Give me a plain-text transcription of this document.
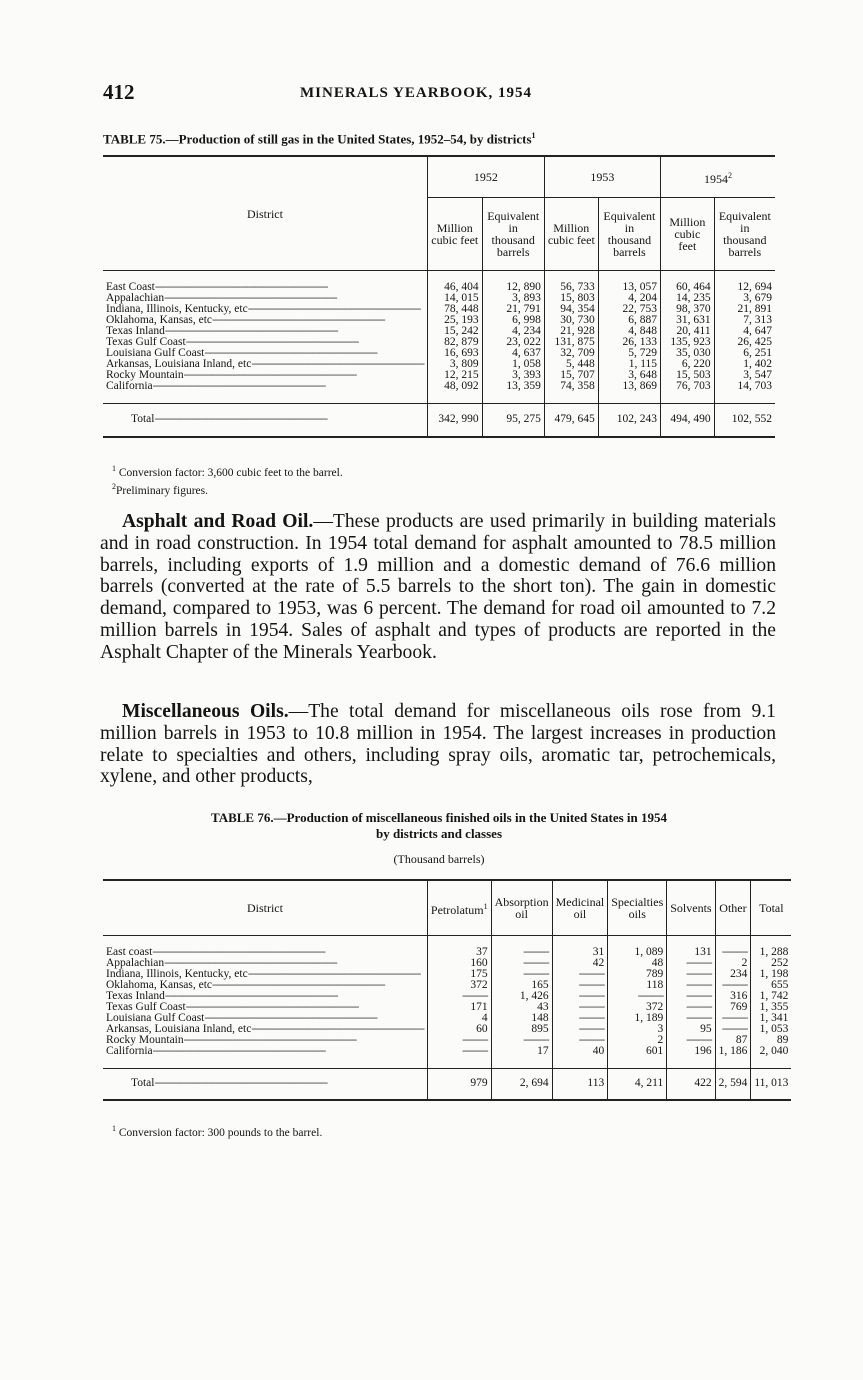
412	MINERALS YEARBOOK, 1954
TABLE 75.—Production of still gas in the United States, 1952–54, by districts$^1$
District	1952		1953		1954$^2$
	Million cubic feet	Equivalent in thousand barrels	Million cubic feet	Equivalent in thousand barrels	Million cubic feet	Equivalent in thousand barrels

East Coast-------------------------------------------------------------	46, 404	12, 890	56, 733	13, 057	60, 464	12, 694
Appalachian-------------------------------------------------------------	14, 015	3, 893	15, 803	4, 204	14, 235	3, 679
Indiana, Illinois, Kentucky, etc-------------------------------------------------------------	78, 448	21, 791	94, 354	22, 753	98, 370	21, 891
Oklahoma, Kansas, etc-------------------------------------------------------------	25, 193	6, 998	30, 730	6, 887	31, 631	7, 313
Texas Inland-------------------------------------------------------------	15, 242	4, 234	21, 928	4, 848	20, 411	4, 647
Texas Gulf Coast-------------------------------------------------------------	82, 879	23, 022	131, 875	26, 133	135, 923	26, 425
Louisiana Gulf Coast-------------------------------------------------------------	16, 693	4, 637	32, 709	5, 729	35, 030	6, 251
Arkansas, Louisiana Inland, etc-------------------------------------------------------------	3, 809	1, 058	5, 448	1, 115	6, 220	1, 402
Rocky Mountain-------------------------------------------------------------	12, 215	3, 393	15, 707	3, 648	15, 503	3, 547
California-------------------------------------------------------------	48, 092	13, 359	74, 358	13, 869	76, 703	14, 703

Total-------------------------------------------------------------	342, 990	95, 275	479, 645	102, 243	494, 490	102, 552
$^1$ Conversion factor: 3,600 cubic feet to the barrel.
$^2$Preliminary figures.

Asphalt and Road Oil.—These products are used primarily in building materials and in road construction. In 1954 total demand for asphalt amounted to 78.5 million barrels, including exports of 1.9 million and a domestic demand of 76.6 million barrels (converted at the rate of 5.5 barrels to the short ton). The gain in domestic demand, compared to 1953, was 6 percent. The demand for road oil amounted to 7.2 million barrels in 1954. Sales of asphalt and types of products are reported in the Asphalt Chapter of the Minerals Yearbook.

Miscellaneous Oils.—The total demand for miscellaneous oils rose from 9.1 million barrels in 1953 to 10.8 million in 1954. The largest increases in production relate to specialties and others, including spray oils, aromatic tar, petrochemicals, xylene, and other products,

TABLE 76.—Production of miscellaneous finished oils in the United States in 1954
by districts and classes
(Thousand barrels)
District	Petrolatum$^1$	Absorption oil	Medicinal oil	Specialties oils	Solvents	Other	Total

East coast-------------------------------------------------------------	37	---------	31	1, 089	131	---------	1, 288
Appalachian-------------------------------------------------------------	160	---------	42	48	---------	2	252
Indiana, Illinois, Kentucky, etc-------------------------------------------------------------	175	---------	---------	789	---------	234	1, 198
Oklahoma, Kansas, etc-------------------------------------------------------------	372	165	---------	118	---------	---------	655
Texas Inland-------------------------------------------------------------	---------	1, 426	---------	---------	---------	316	1, 742
Texas Gulf Coast-------------------------------------------------------------	171	43	---------	372	---------	769	1, 355
Louisiana Gulf Coast-------------------------------------------------------------	4	148	---------	1, 189	---------	---------	1, 341
Arkansas, Louisiana Inland, etc-------------------------------------------------------------	60	895	---------	3	95	---------	1, 053
Rocky Mountain-------------------------------------------------------------	---------	---------	---------	2	---------	87	89
California-------------------------------------------------------------	---------	17	40	601	196	1, 186	2, 040

Total-------------------------------------------------------------	979	2, 694	113	4, 211	422	2, 594	11, 013
$^1$ Conversion factor: 300 pounds to the barrel.
